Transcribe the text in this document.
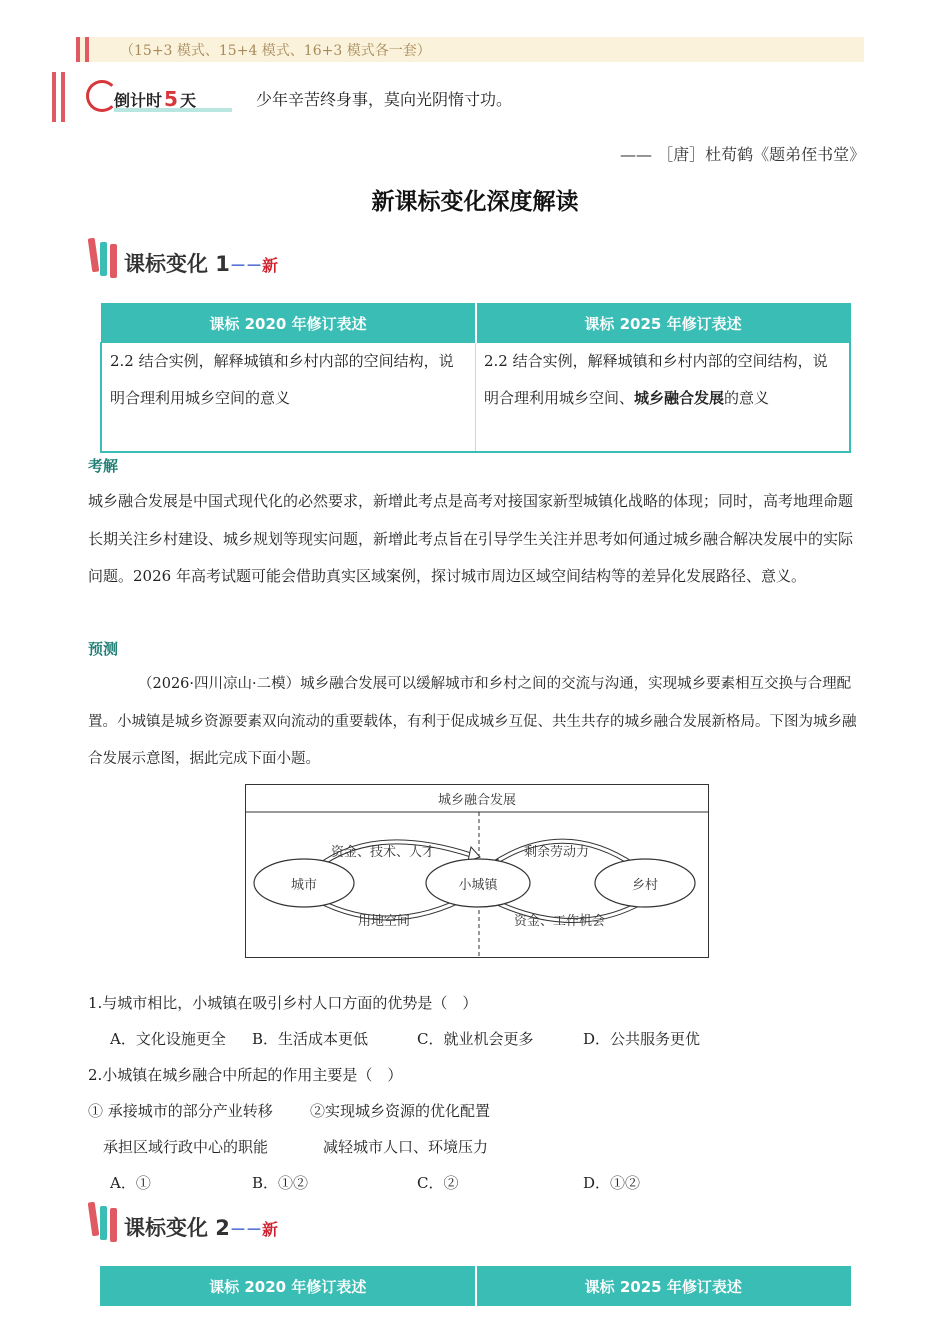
（15+3 模式、15+4 模式、16+3 模式各一套）
倒计时 5 天	少年辛苦终身事，莫向光阴惰寸功。
—— ［唐］杜荀鹤《题弟侄书堂》
新课标变化深度解读
课标变化 1－－新
课标 2020 年修订表述	课标 2025 年修订表述
2.2 结合实例，解释城镇和乡村内部的空间结构，说明合理利用城乡空间的意义	2.2 结合实例，解释城镇和乡村内部的空间结构，说明合理利用城乡空间、城乡融合发展的意义
考解
城乡融合发展是中国式现代化的必然要求，新增此考点是高考对接国家新型城镇化战略的体现；同时，高考地理命题长期关注乡村建设、城乡规划等现实问题，新增此考点旨在引导学生关注并思考如何通过城乡融合解决发展中的实际问题。2026 年高考试题可能会借助真实区域案例，探讨城市周边区域空间结构等的差异化发展路径、意义。
预测
（2026·四川凉山·二模）城乡融合发展可以缓解城市和乡村之间的交流与沟通，实现城乡要素相互交换与合理配置。小城镇是城乡资源要素双向流动的重要载体，有利于促成城乡互促、共生共存的城乡融合发展新格局。下图为城乡融合发展示意图，据此完成下面小题。
城乡融合发展
城市	小城镇	乡村
资金、技术、人才
用地空间
剩余劳动力
资金、工作机会
1.与城市相比，小城镇在吸引乡村人口方面的优势是（　）
A．文化设施更全 B．生活成本更低	C．就业机会更多	D．公共服务更优
2.小城镇在城乡融合中所起的作用主要是（　）
① 承接城市的部分产业转移 ②实现城乡资源的优化配置
承担区域行政中心的职能	减轻城市人口、环境压力
A．①	B．①②	C．②	D．①②
课标变化 2－－新
课标 2020 年修订表述	课标 2025 年修订表述
